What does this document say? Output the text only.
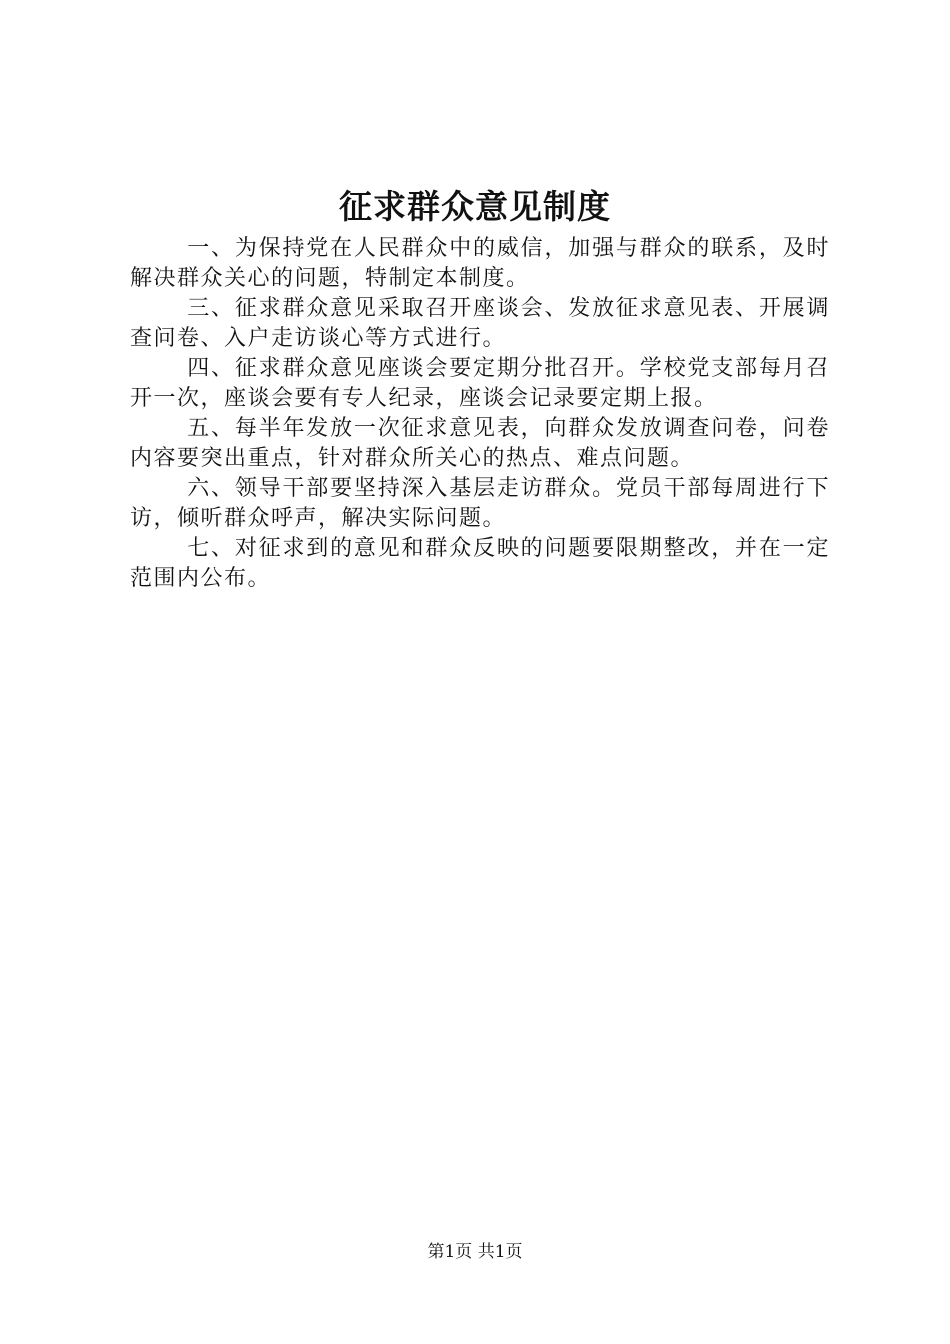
征求群众意见制度

一、为保持党在人民群众中的威信，加强与群众的联系，及时解决群众关心的问题，特制定本制度。

三、征求群众意见采取召开座谈会、发放征求意见表、开展调查问卷、入户走访谈心等方式进行。

四、征求群众意见座谈会要定期分批召开。学校党支部每月召开一次，座谈会要有专人纪录，座谈会记录要定期上报。

五、每半年发放一次征求意见表，向群众发放调查问卷，问卷内容要突出重点，针对群众所关心的热点、难点问题。

六、领导干部要坚持深入基层走访群众。党员干部每周进行下访，倾听群众呼声，解决实际问题。

七、对征求到的意见和群众反映的问题要限期整改，并在一定范围内公布。

第1页 共1页
